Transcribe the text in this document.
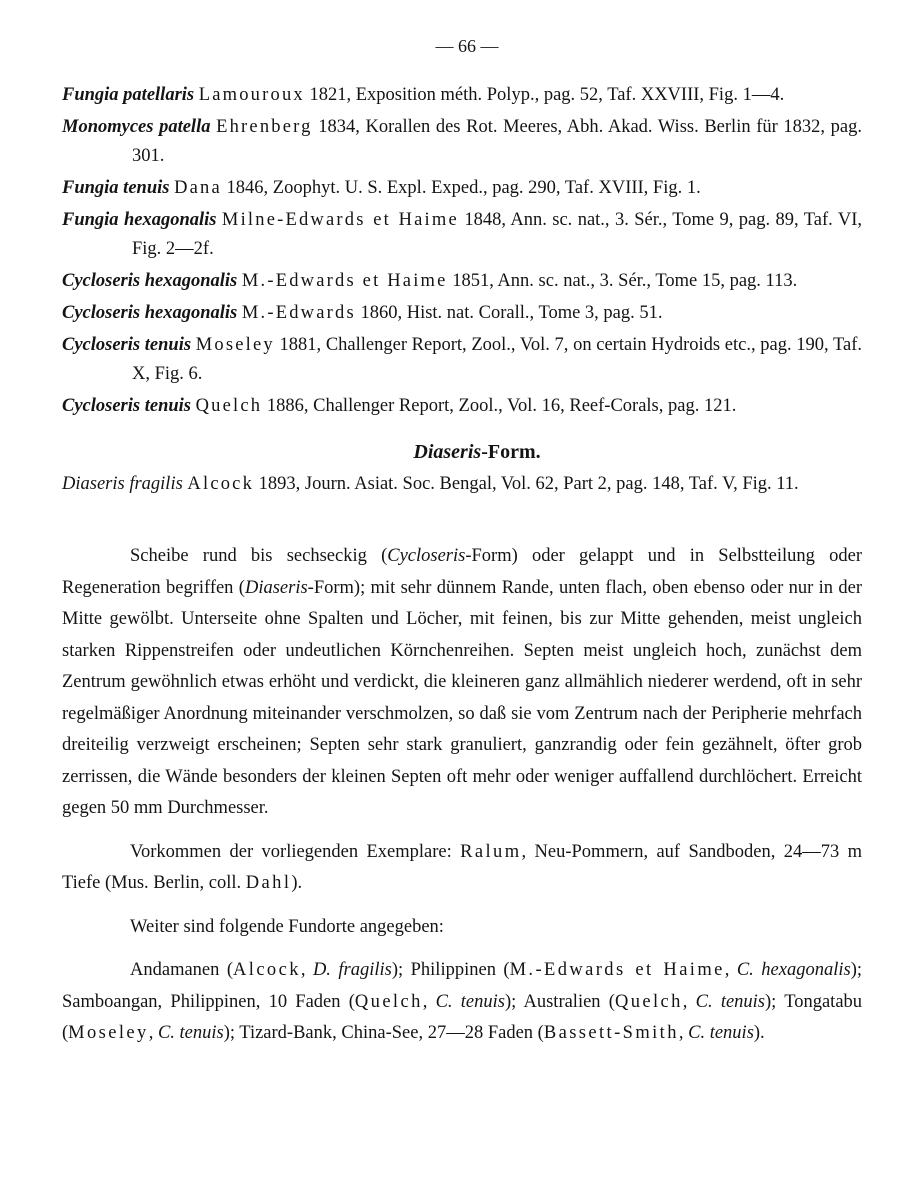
— 66 —

Fungia patellaris Lamouroux 1821, Exposition méth. Polyp., pag. 52, Taf. XXVIII, Fig. 1—4.

Monomyces patella Ehrenberg 1834, Korallen des Rot. Meeres, Abh. Akad. Wiss. Berlin für 1832, pag. 301.

Fungia tenuis Dana 1846, Zoophyt. U. S. Expl. Exped., pag. 290, Taf. XVIII, Fig. 1.

Fungia hexagonalis Milne-Edwards et Haime 1848, Ann. sc. nat., 3. Sér., Tome 9, pag. 89, Taf. VI, Fig. 2—2f.

Cycloseris hexagonalis M.-Edwards et Haime 1851, Ann. sc. nat., 3. Sér., Tome 15, pag. 113.

Cycloseris hexagonalis M.-Edwards 1860, Hist. nat. Corall., Tome 3, pag. 51.

Cycloseris tenuis Moseley 1881, Challenger Report, Zool., Vol. 7, on certain Hydroids etc., pag. 190, Taf. X, Fig. 6.

Cycloseris tenuis Quelch 1886, Challenger Report, Zool., Vol. 16, Reef-Corals, pag. 121.

Diaseris-Form.

Diaseris fragilis Alcock 1893, Journ. Asiat. Soc. Bengal, Vol. 62, Part 2, pag. 148, Taf. V, Fig. 11.

Scheibe rund bis sechseckig (Cycloseris-Form) oder gelappt und in Selbstteilung oder Regeneration begriffen (Diaseris-Form); mit sehr dünnem Rande, unten flach, oben ebenso oder nur in der Mitte gewölbt. Unterseite ohne Spalten und Löcher, mit feinen, bis zur Mitte gehenden, meist ungleich starken Rippenstreifen oder undeutlichen Körnchenreihen. Septen meist ungleich hoch, zunächst dem Zentrum gewöhnlich etwas erhöht und verdickt, die kleineren ganz allmählich niederer werdend, oft in sehr regelmäßiger Anordnung miteinander verschmolzen, so daß sie vom Zentrum nach der Peripherie mehrfach dreiteilig verzweigt erscheinen; Septen sehr stark granuliert, ganzrandig oder fein gezähnelt, öfter grob zerrissen, die Wände besonders der kleinen Septen oft mehr oder weniger auffallend durchlöchert. Erreicht gegen 50 mm Durchmesser.

Vorkommen der vorliegenden Exemplare: Ralum, Neu-Pommern, auf Sandboden, 24—73 m Tiefe (Mus. Berlin, coll. Dahl).

Weiter sind folgende Fundorte angegeben:

Andamanen (Alcock, D. fragilis); Philippinen (M.-Edwards et Haime, C. hexagonalis); Samboangan, Philippinen, 10 Faden (Quelch, C. tenuis); Australien (Quelch, C. tenuis); Tongatabu (Moseley, C. tenuis); Tizard-Bank, China-See, 27—28 Faden (Bassett-Smith, C. tenuis).
